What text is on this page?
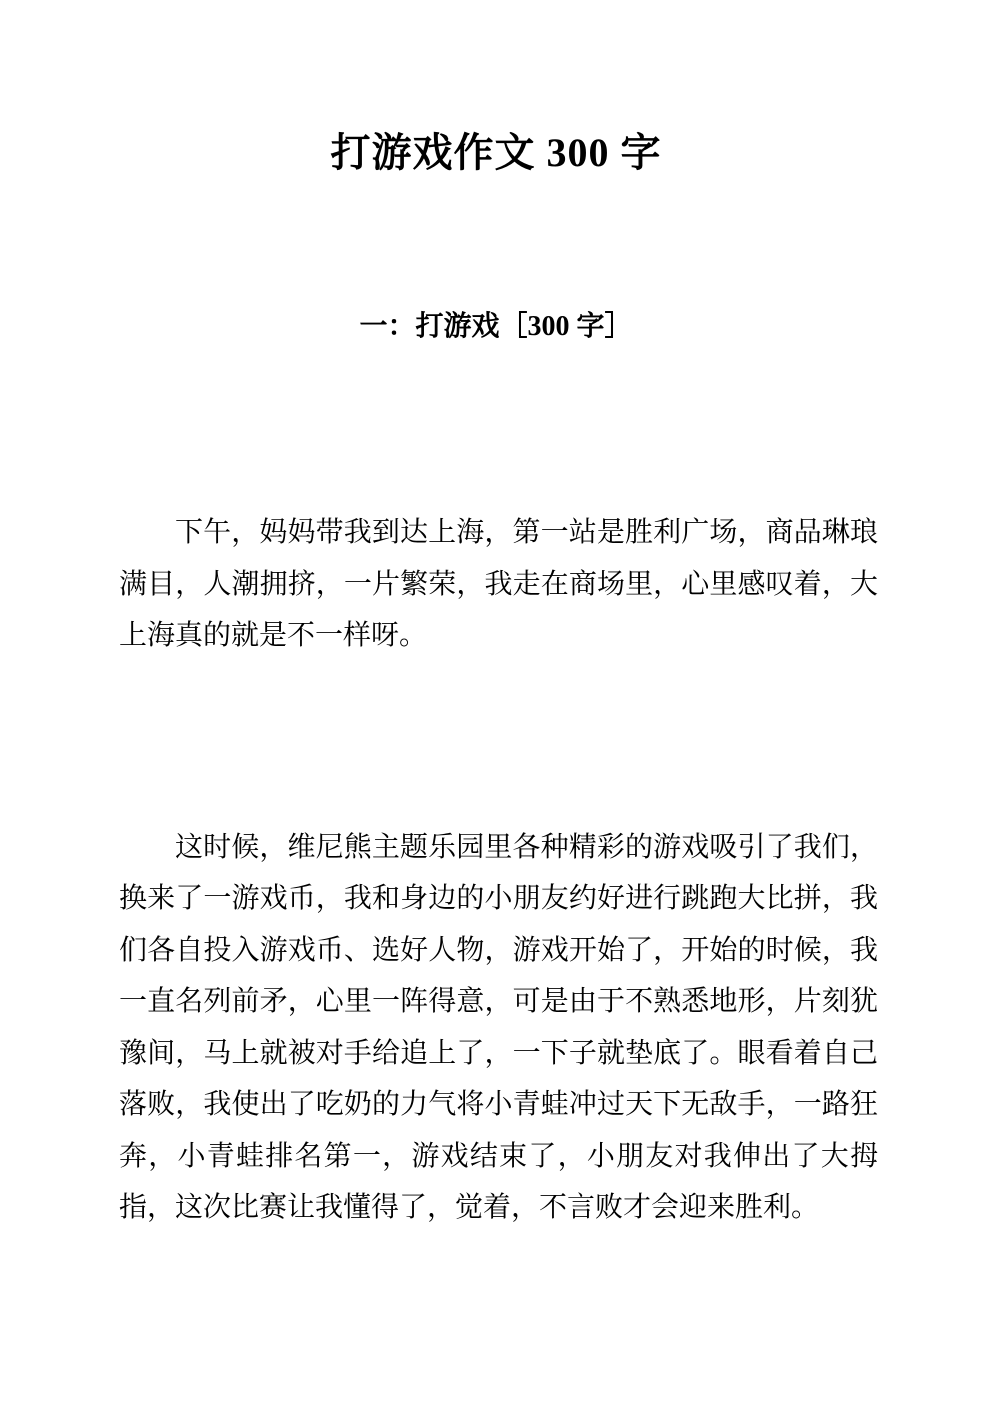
打游戏作文 300 字
一：打游戏［300 字］

下午，妈妈带我到达上海，第一站是胜利广场，商品琳琅满目，人潮拥挤，一片繁荣，我走在商场里，心里感叹着，大上海真的就是不一样呀。

这时候，维尼熊主题乐园里各种精彩的游戏吸引了我们，换来了一游戏币，我和身边的小朋友约好进行跳跑大比拼，我们各自投入游戏币、选好人物，游戏开始了，开始的时候，我一直名列前矛，心里一阵得意，可是由于不熟悉地形，片刻犹豫间，马上就被对手给追上了，一下子就垫底了。眼看着自己落败，我使出了吃奶的力气将小青蛙冲过天下无敌手，一路狂奔，小青蛙排名第一，游戏结束了，小朋友对我伸出了大拇指，这次比赛让我懂得了，觉着，不言败才会迎来胜利。
